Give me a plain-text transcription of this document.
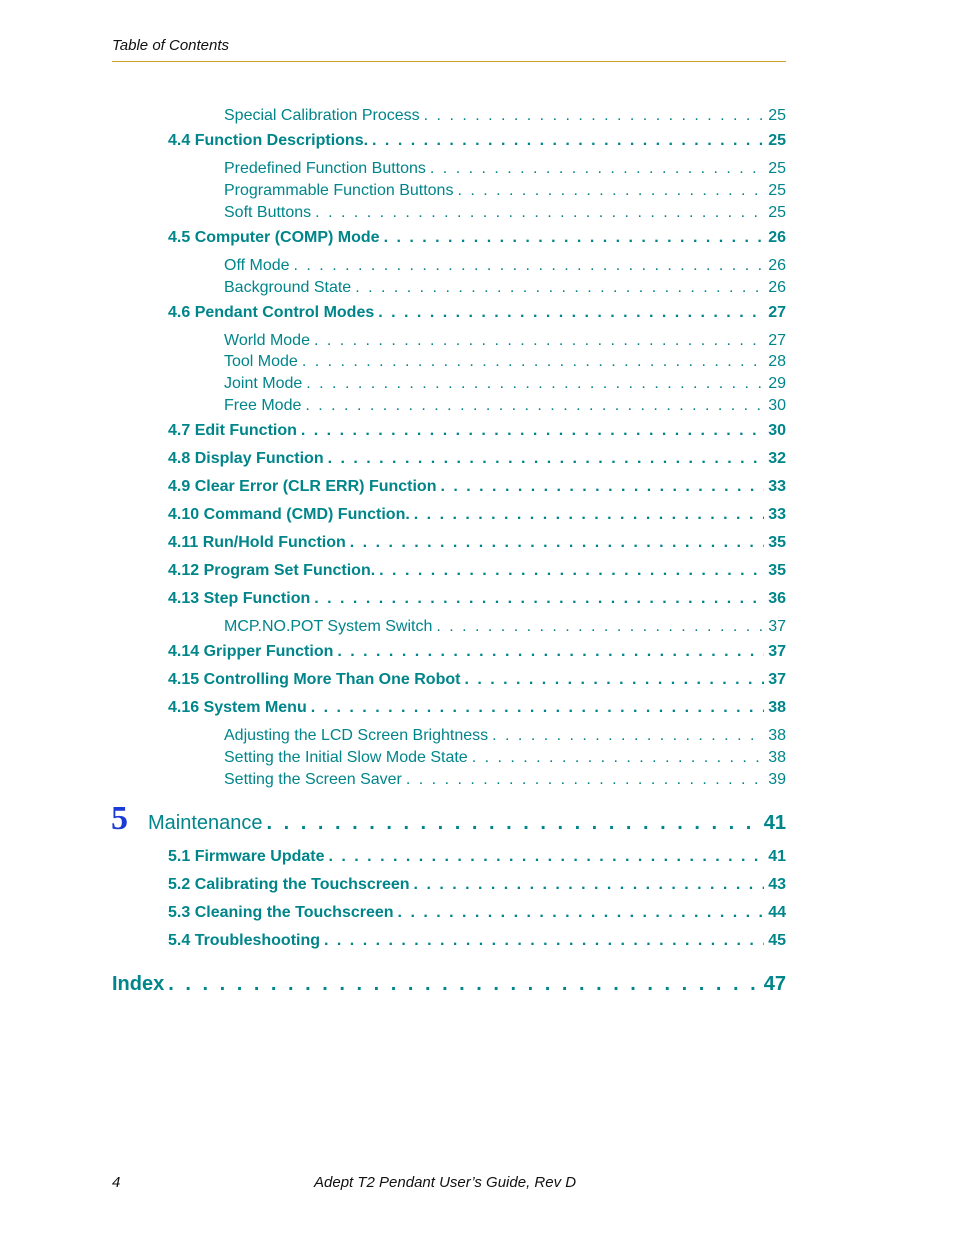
Table of Contents
5
Special Calibration Process . . .	25
4.4 Function Descriptions. . . .	25
Predefined Function Buttons . . .	25
Programmable Function Buttons . . .	25
Soft Buttons . . .	25
4.5 Computer (COMP) Mode . . .	26
Off Mode . . .	26
Background State . . .	26
4.6 Pendant Control Modes . . .	27
World Mode . . .	27
Tool Mode . . .	28
Joint Mode . . .	29
Free Mode . . .	30
4.7 Edit Function . . .	30
4.8 Display Function . . .	32
4.9 Clear Error (CLR ERR) Function . . .	33
4.10 Command (CMD) Function. . . .	33
4.11 Run/Hold Function . . .	35
4.12 Program Set Function. . . .	35
4.13 Step Function . . .	36
MCP.NO.POT System Switch . . .	37
4.14 Gripper Function . . .	37
4.15 Controlling More Than One Robot . . .	37
4.16 System Menu . . .	38
Adjusting the LCD Screen Brightness . . .	38
Setting the Initial Slow Mode State . . .	38
Setting the Screen Saver . . .	39
Maintenance . . .	41
5.1 Firmware Update . . .	41
5.2 Calibrating the Touchscreen . . .	43
5.3 Cleaning the Touchscreen . . .	44
5.4 Troubleshooting . . .	45
Index . . .	47
4	Adept T2 Pendant User’s Guide, Rev D
